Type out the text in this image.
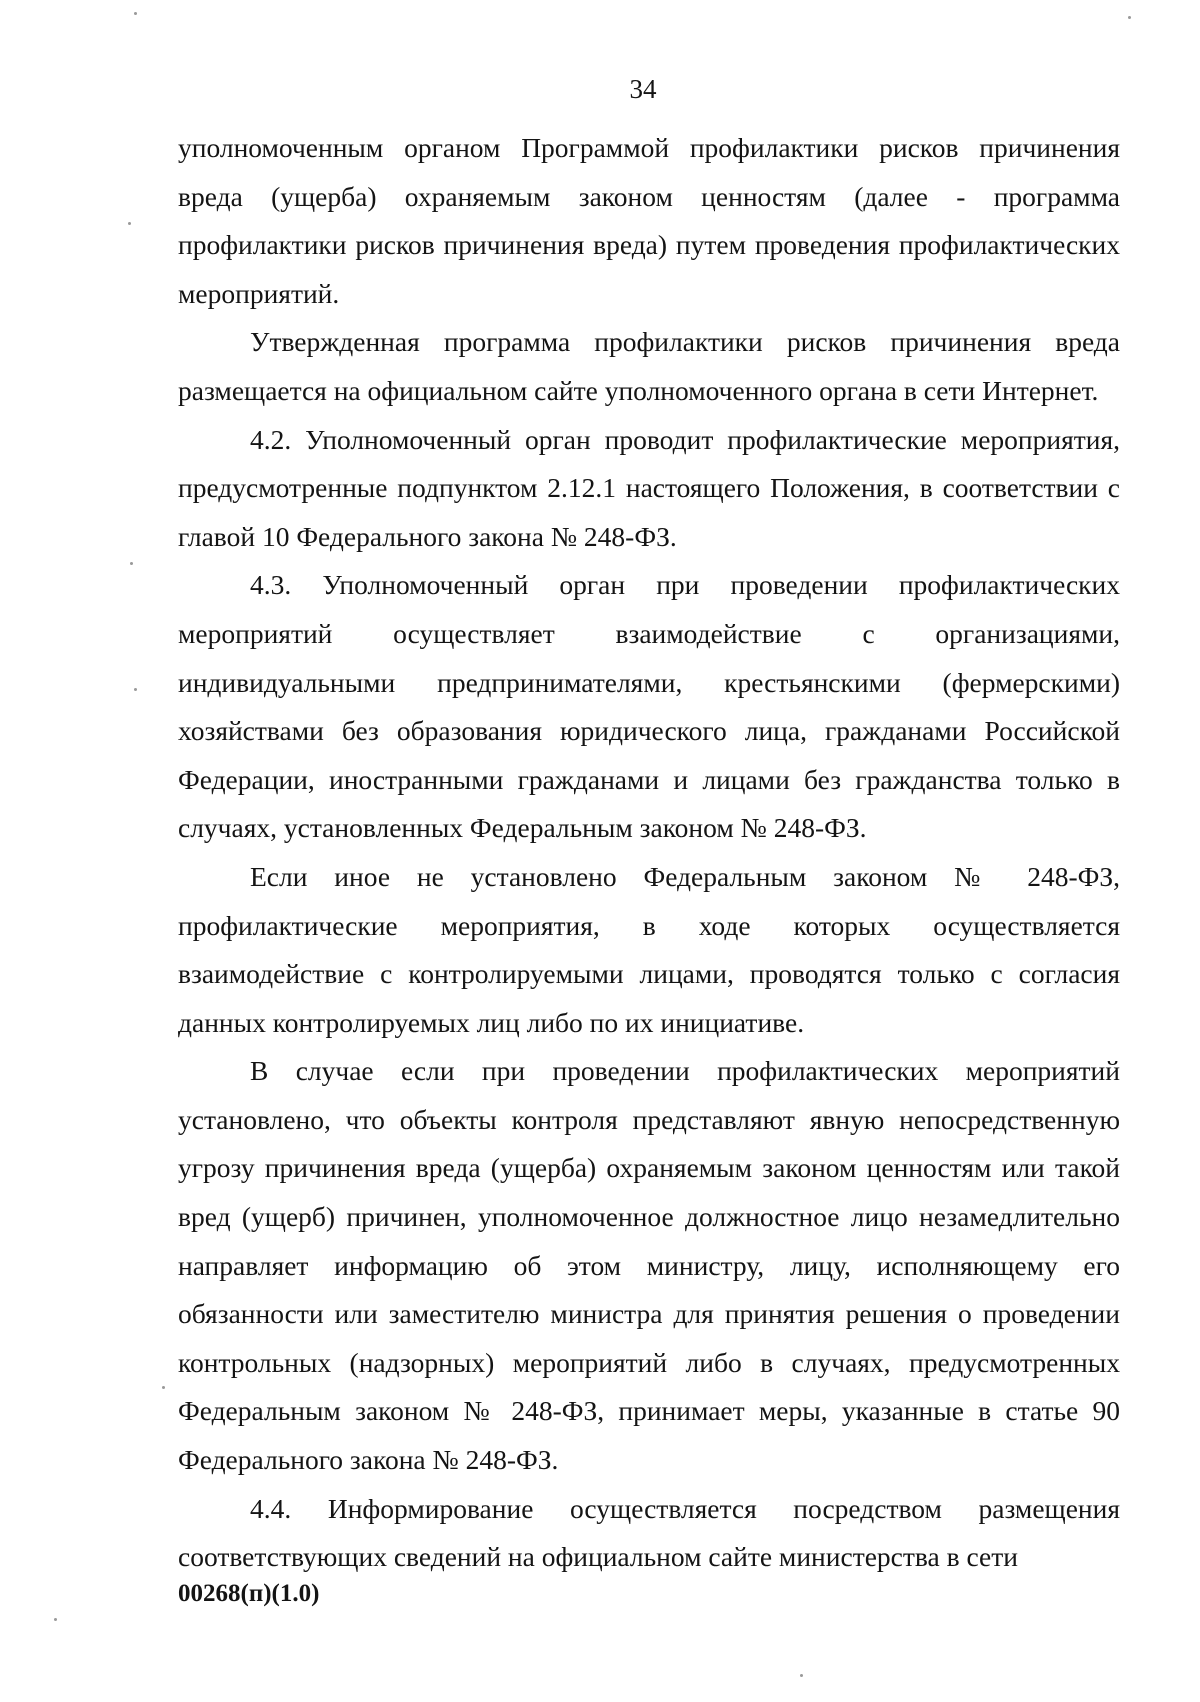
34

уполномоченным органом Программой профилактики рисков причинения вреда (ущерба) охраняемым законом ценностям (далее - программа профилактики рисков причинения вреда) путем проведения профилактических мероприятий.

Утвержденная программа профилактики рисков причинения вреда размещается на официальном сайте уполномоченного органа в сети Интернет.

4.2. Уполномоченный орган проводит профилактические мероприятия, предусмотренные подпунктом 2.12.1 настоящего Положения, в соответствии с главой 10 Федерального закона № 248-ФЗ.

4.3. Уполномоченный орган при проведении профилактических мероприятий осуществляет взаимодействие с организациями, индивидуальными предпринимателями, крестьянскими (фермерскими) хозяйствами без образования юридического лица, гражданами Российской Федерации, иностранными гражданами и лицами без гражданства только в случаях, установленных Федеральным законом № 248-ФЗ.

Если иное не установлено Федеральным законом № 248-ФЗ, профилактические мероприятия, в ходе которых осуществляется взаимодействие с контролируемыми лицами, проводятся только с согласия данных контролируемых лиц либо по их инициативе.

В случае если при проведении профилактических мероприятий установлено, что объекты контроля представляют явную непосредственную угрозу причинения вреда (ущерба) охраняемым законом ценностям или такой вред (ущерб) причинен, уполномоченное должностное лицо незамедлительно направляет информацию об этом министру, лицу, исполняющему его обязанности или заместителю министра для принятия решения о проведении контрольных (надзорных) мероприятий либо в случаях, предусмотренных Федеральным законом № 248-ФЗ, принимает меры, указанные в статье 90 Федерального закона № 248-ФЗ.

4.4. Информирование осуществляется посредством размещения соответствующих сведений на официальном сайте министерства в сети

00268(п)(1.0)
